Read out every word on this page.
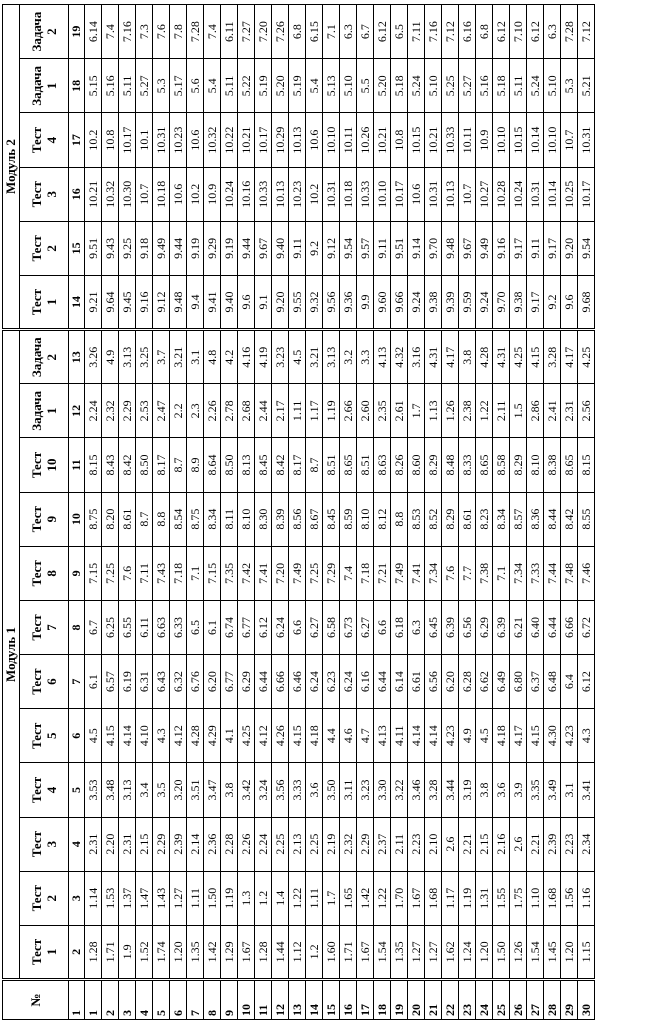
№	Модуль 1												Модуль 2					

	Тест 1	Тест 2	Тест 3	Тест 4	Тест 5	Тест 6	Тест 7	Тест 8	Тест 9	Тест 10	Задача 1	Задача 2	Тест 1	Тест 2	Тест 3	Тест 4	Задача 1	Задача 2

1	2	3	4	5	6	7	8	9	10	11	12	13	14	15	16	17	18	19
1	1.28	1.14	2.31	3.53	4.5	6.1	6.7	7.15	8.75	8.15	2.24	3.26	9.21	9.51	10.21	10.2	5.15	6.14
2	1.71	1.53	2.20	3.48	4.15	6.57	6.25	7.25	8.20	8.43	2.32	4.9	9.64	9.43	10.32	10.8	5.16	7.4
3	1.9	1.37	2.31	3.13	4.14	6.19	6.55	7.6	8.61	8.42	2.29	3.13	9.45	9.25	10.30	10.17	5.11	7.16
4	1.52	1.47	2.15	3.4	4.10	6.31	6.11	7.11	8.7	8.50	2.53	3.25	9.16	9.18	10.7	10.1	5.27	7.3
5	1.74	1.43	2.29	3.5	4.3	6.43	6.63	7.43	8.8	8.17	2.47	3.7	9.12	9.49	10.18	10.31	5.3	7.6
6	1.20	1.27	2.39	3.20	4.12	6.32	6.33	7.18	8.54	8.7	2.2	3.21	9.48	9.44	10.6	10.23	5.17	7.8
7	1.35	1.11	2.14	3.51	4.28	6.76	6.5	7.1	8.75	8.9	2.3	3.1	9.4	9.19	10.2	10.6	5.6	7.28
8	1.42	1.50	2.36	3.47	4.29	6.20	6.1	7.15	8.34	8.64	2.26	4.8	9.41	9.29	10.9	10.32	5.4	7.4
9	1.29	1.19	2.28	3.8	4.1	6.77	6.74	7.35	8.11	8.50	2.78	4.2	9.40	9.19	10.24	10.22	5.11	6.11
10	1.67	1.3	2.26	3.42	4.25	6.29	6.77	7.42	8.10	8.13	2.68	4.16	9.6	9.44	10.16	10.21	5.22	7.27
11	1.28	1.2	2.24	3.24	4.12	6.44	6.12	7.41	8.30	8.45	2.44	4.19	9.1	9.67	10.33	10.17	5.19	7.20
12	1.44	1.4	2.25	3.56	4.26	6.66	6.24	7.20	8.39	8.42	2.17	3.23	9.20	9.40	10.13	10.29	5.20	7.26
13	1.12	1.22	2.13	3.33	4.15	6.46	6.6	7.49	8.56	8.17	1.11	4.5	9.55	9.11	10.23	10.13	5.19	6.8
14	1.2	1.11	2.25	3.6	4.18	6.24	6.27	7.25	8.67	8.7	1.17	3.21	9.32	9.2	10.2	10.6	5.4	6.15
15	1.60	1.7	2.19	3.50	4.4	6.23	6.58	7.29	8.45	8.51	1.19	3.13	9.56	9.12	10.31	10.10	5.13	7.1
16	1.71	1.65	2.32	3.11	4.6	6.24	6.73	7.4	8.59	8.65	2.66	3.2	9.36	9.54	10.18	10.11	5.10	6.3
17	1.67	1.42	2.29	3.23	4.7	6.16	6.27	7.18	8.10	8.51	2.60	3.3	9.9	9.57	10.33	10.26	5.5	6.7
18	1.54	1.22	2.37	3.30	4.13	6.44	6.6	7.21	8.12	8.63	2.35	4.13	9.60	9.11	10.10	10.21	5.20	6.12
19	1.35	1.70	2.11	3.22	4.11	6.14	6.18	7.49	8.8	8.26	2.61	4.32	9.66	9.51	10.17	10.8	5.18	6.5
20	1.27	1.67	2.23	3.46	4.14	6.61	6.3	7.41	8.53	8.60	1.7	3.16	9.24	9.14	10.6	10.15	5.24	7.11
21	1.27	1.68	2.10	3.28	4.14	6.56	6.45	7.34	8.52	8.29	1.13	4.31	9.38	9.70	10.31	10.21	5.10	7.16
22	1.62	1.17	2.6	3.44	4.23	6.20	6.39	7.6	8.29	8.48	1.26	4.17	9.39	9.48	10.13	10.33	5.25	7.12
23	1.24	1.19	2.21	3.19	4.9	6.28	6.56	7.7	8.61	8.33	2.38	3.8	9.59	9.67	10.7	10.11	5.27	6.16
24	1.20	1.31	2.15	3.8	4.5	6.62	6.29	7.38	8.23	8.65	1.22	4.28	9.24	9.49	10.27	10.9	5.16	6.8
25	1.50	1.55	2.16	3.6	4.18	6.49	6.39	7.1	8.34	8.58	2.11	4.31	9.70	9.16	10.28	10.10	5.18	6.12
26	1.26	1.75	2.6	3.9	4.17	6.80	6.21	7.34	8.57	8.29	1.5	4.25	9.38	9.17	10.24	10.15	5.11	7.10
27	1.54	1.10	2.21	3.35	4.15	6.37	6.40	7.33	8.36	8.10	2.86	4.15	9.17	9.11	10.31	10.14	5.24	6.12
28	1.45	1.68	2.39	3.49	4.30	6.48	6.44	7.44	8.44	8.38	2.41	3.28	9.2	9.17	10.14	10.10	5.10	6.3
29	1.20	1.56	2.23	3.1	4.23	6.4	6.66	7.48	8.42	8.65	2.31	4.17	9.6	9.20	10.25	10.7	5.3	7.28
30	1.15	1.16	2.34	3.41	4.3	6.12	6.72	7.46	8.55	8.15	2.56	4.25	9.68	9.54	10.17	10.31	5.21	7.12
